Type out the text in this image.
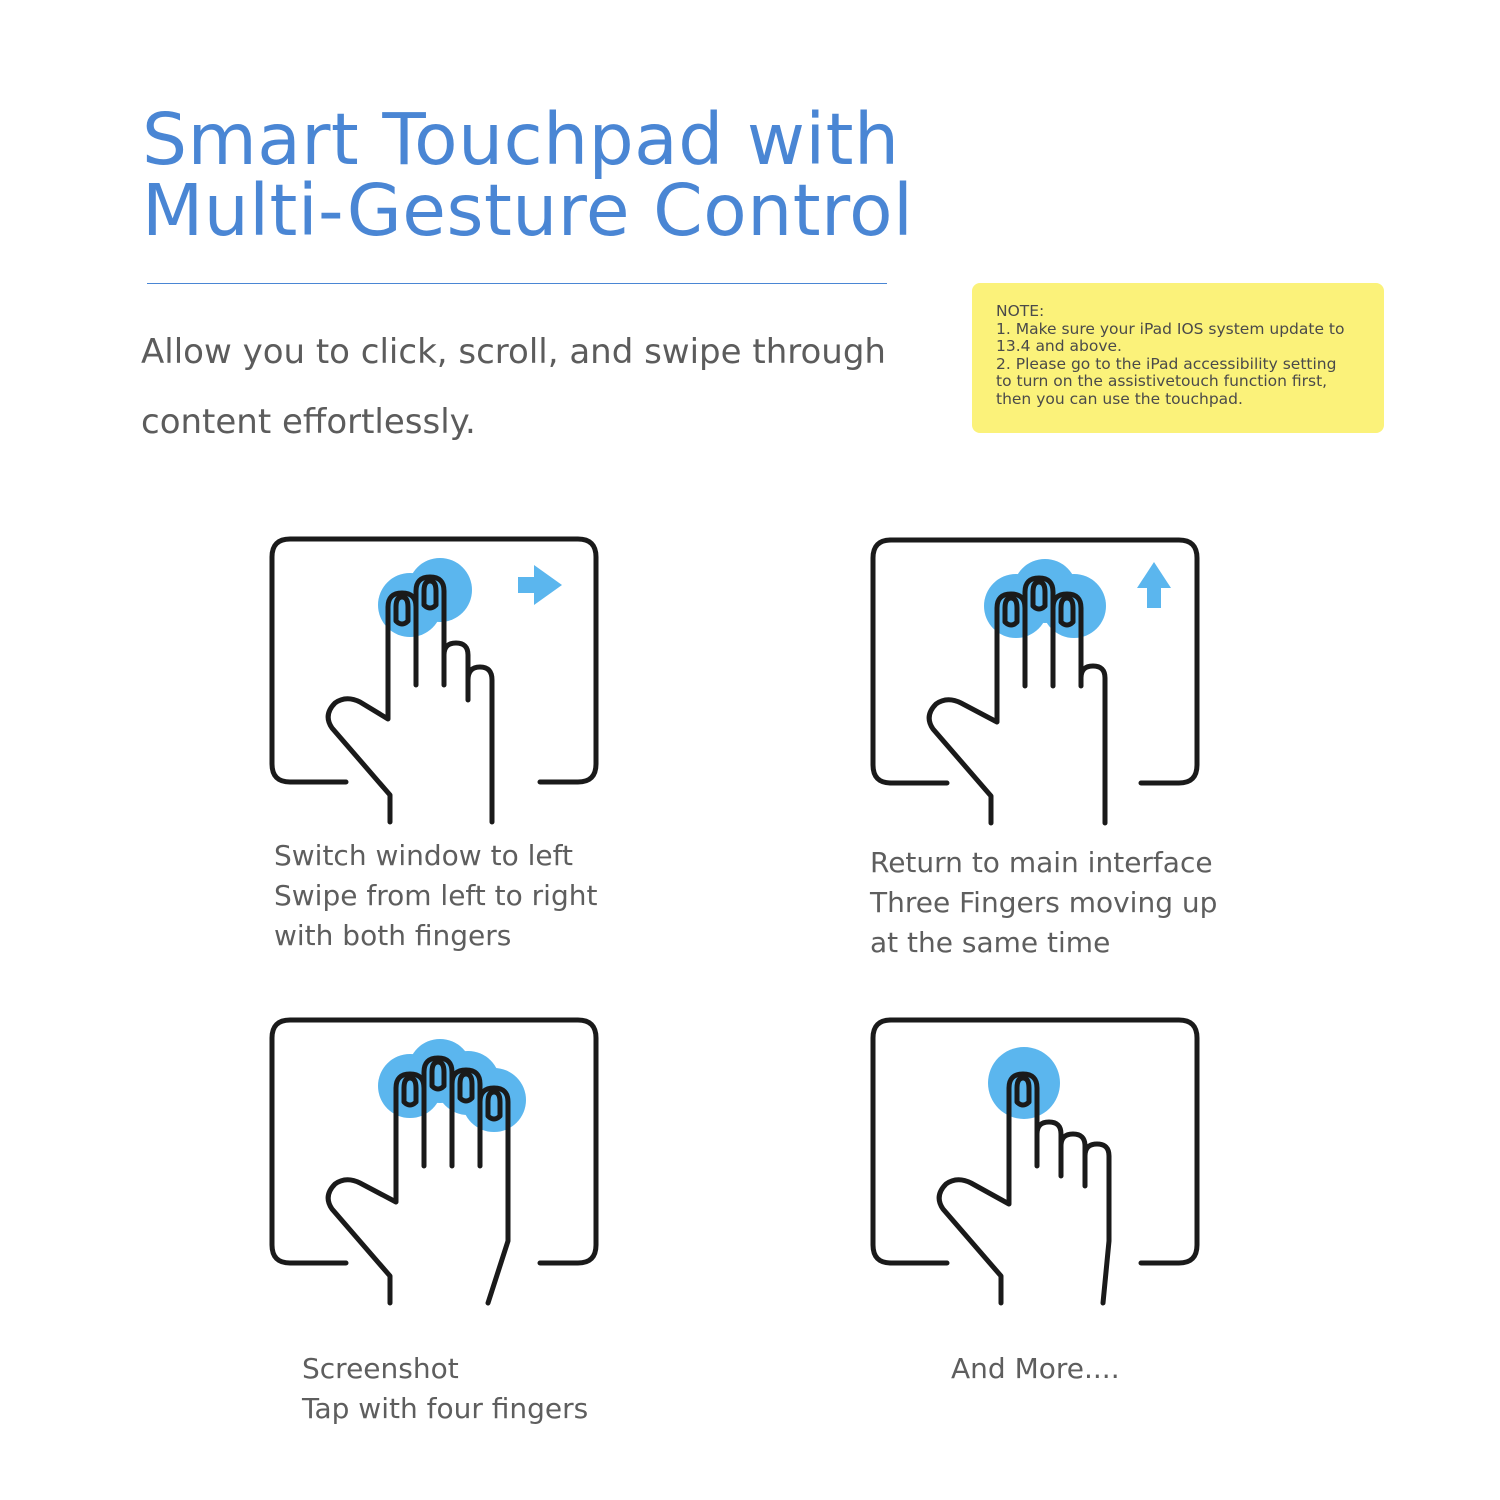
Smart Touchpad with
Multi-Gesture Control

Allow you to click, scroll, and swipe through content effortlessly.

NOTE:
1. Make sure your iPad IOS system update to
13.4 and above.
2. Please go to the iPad accessibility setting
to turn on the assistivetouch function first,
then you can use the touchpad.
Switch window to left
Swipe from left to right
with both fingers
Return to main interface
Three Fingers moving up
at the same time
Screenshot
Tap with four fingers
And More....
